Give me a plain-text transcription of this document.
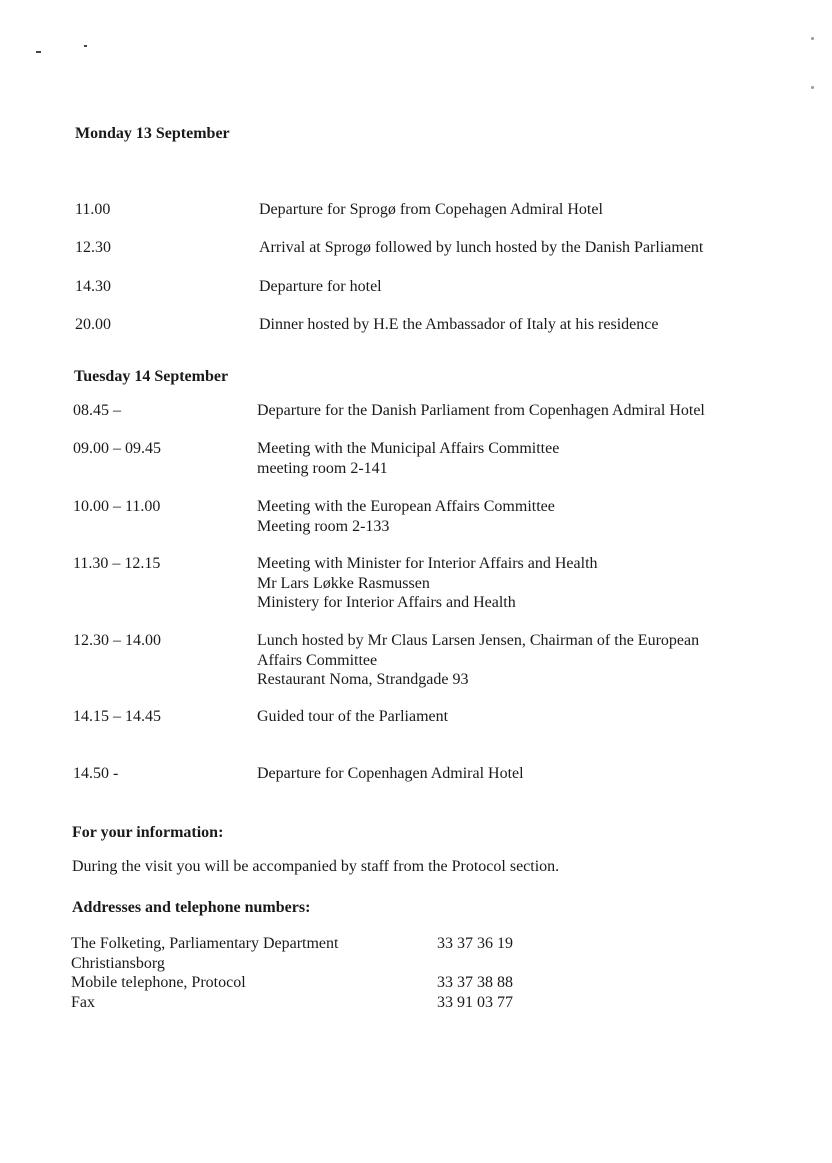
Monday 13 September
11.00	Departure for Sprogø from Copehagen Admiral Hotel
12.30	Arrival at Sprogø followed by lunch hosted by the Danish Parliament
14.30	Departure for hotel
20.00	Dinner hosted by H.E the Ambassador of Italy at his residence
Tuesday 14 September
08.45 –	Departure for the Danish Parliament from Copenhagen Admiral Hotel
09.00 – 09.45	Meeting with the Municipal Affairs Committee
meeting room 2-141
10.00 – 11.00	Meeting with the European Affairs Committee
Meeting room 2-133
11.30 – 12.15	Meeting with Minister for Interior Affairs and Health
Mr Lars Løkke Rasmussen
Ministery for Interior Affairs and Health
12.30 – 14.00	Lunch hosted by Mr Claus Larsen Jensen, Chairman of the European
Affairs Committee
Restaurant Noma, Strandgade 93
14.15 – 14.45	Guided tour of the Parliament
14.50 -	Departure for Copenhagen Admiral Hotel
For your information:
During the visit you will be accompanied by staff from the Protocol section.
Addresses and telephone numbers:
The Folketing, Parliamentary Department	33 37 36 19
Christiansborg
Mobile telephone, Protocol	33 37 38 88
Fax	33 91 03 77
